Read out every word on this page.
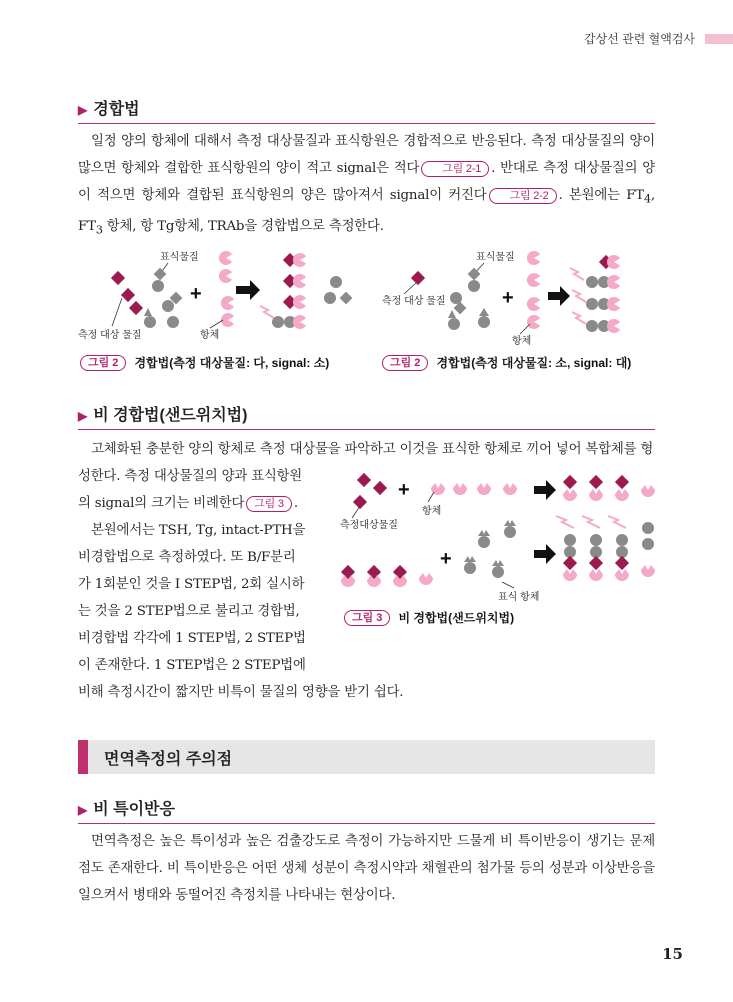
갑상선 관련 혈액검사
▶ 경합법
일정 양의 항체에 대해서 측정 대상물질과 표식항원은 경합적으로 반응된다. 측정 대상물질의 양이 많으면 항체와 결합한 표식항원의 양이 적고 signal은 적다 그림 2-1 . 반대로 측정 대상물질의 양이 적으면 항체와 결합된 표식항원의 양은 많아져서 signal이 커진다 그림 2-2 . 본원에는 $FT_4$, $FT_3$ 항체, 항 Tg항체, TRAb을 경합법으로 측정한다.
표식물질
측정 대상 물질
+
항체
그림 2	경합법(측정 대상물질: 다, signal: 소)
표식물질
측정 대상 물질	+
항체
그림 2	경합법(측정 대상물질: 소, signal: 대)
▶ 비 경합법(샌드위치법)
고체화된 충분한 양의 항체로 측정 대상물을 파악하고 이것을 표식한 항체로 끼어 넣어 복합체를 형
성한다. 측정 대상물질의 양과 표식항원
의 signal의 크기는 비례한다 그림 3 .
본원에서는 TSH, Tg, intact-PTH을
비경합법으로 측정하였다. 또 B/F분리
가 1회분인 것을 I STEP법, 2회 실시하
는 것을 2 STEP법으로 불리고 경합법,
비경합법 각각에 1 STEP법, 2 STEP법
이 존재한다. 1 STEP법은 2 STEP법에
비해 측정시간이 짧지만 비특이 물질의 영향을 받기 쉽다.
측정대상물질
+
항체
+
표식 항체
그림 3	비 경합법(샌드위치법)
면역측정의 주의점
▶ 비 특이반응
면역측정은 높은 특이성과 높은 검출강도로 측정이 가능하지만 드물게 비 특이반응이 생기는 문제점도 존재한다. 비 특이반응은 어떤 생체 성분이 측정시약과 채혈관의 첨가물 등의 성분과 이상반응을 일으켜서 병태와 동떨어진 측정치를 나타내는 현상이다.
15
